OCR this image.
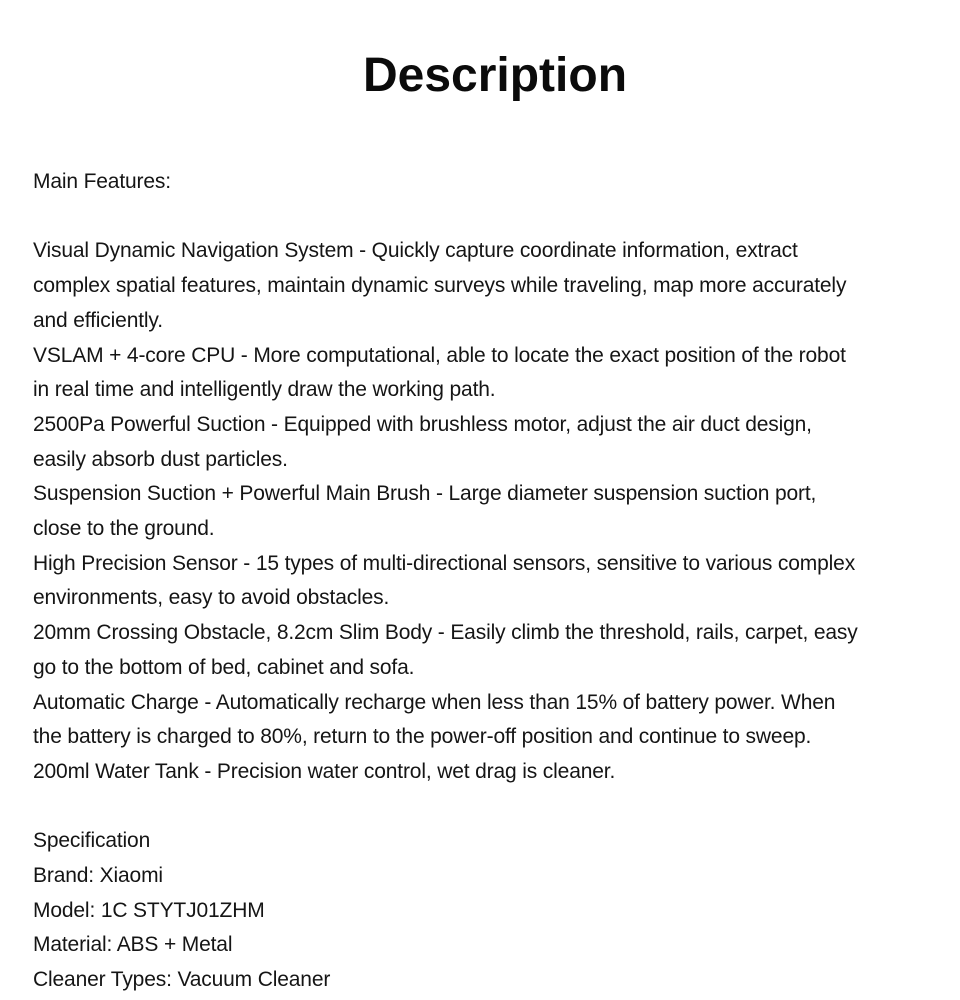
Description
Main Features:
Visual Dynamic Navigation System - Quickly capture coordinate information, extract
complex spatial features, maintain dynamic surveys while traveling, map more accurately
and efficiently.
VSLAM + 4-core CPU - More computational, able to locate the exact position of the robot
in real time and intelligently draw the working path.
2500Pa Powerful Suction - Equipped with brushless motor, adjust the air duct design,
easily absorb dust particles.
Suspension Suction + Powerful Main Brush - Large diameter suspension suction port,
close to the ground.
High Precision Sensor - 15 types of multi-directional sensors, sensitive to various complex
environments, easy to avoid obstacles.
20mm Crossing Obstacle, 8.2cm Slim Body - Easily climb the threshold, rails, carpet, easy
go to the bottom of bed, cabinet and sofa.
Automatic Charge - Automatically recharge when less than 15% of battery power. When
the battery is charged to 80%, return to the power-off position and continue to sweep.
200ml Water Tank - Precision water control, wet drag is cleaner.
Specification
Brand: Xiaomi
Model: 1C STYTJ01ZHM
Material: ABS + Metal
Cleaner Types: Vacuum Cleaner
